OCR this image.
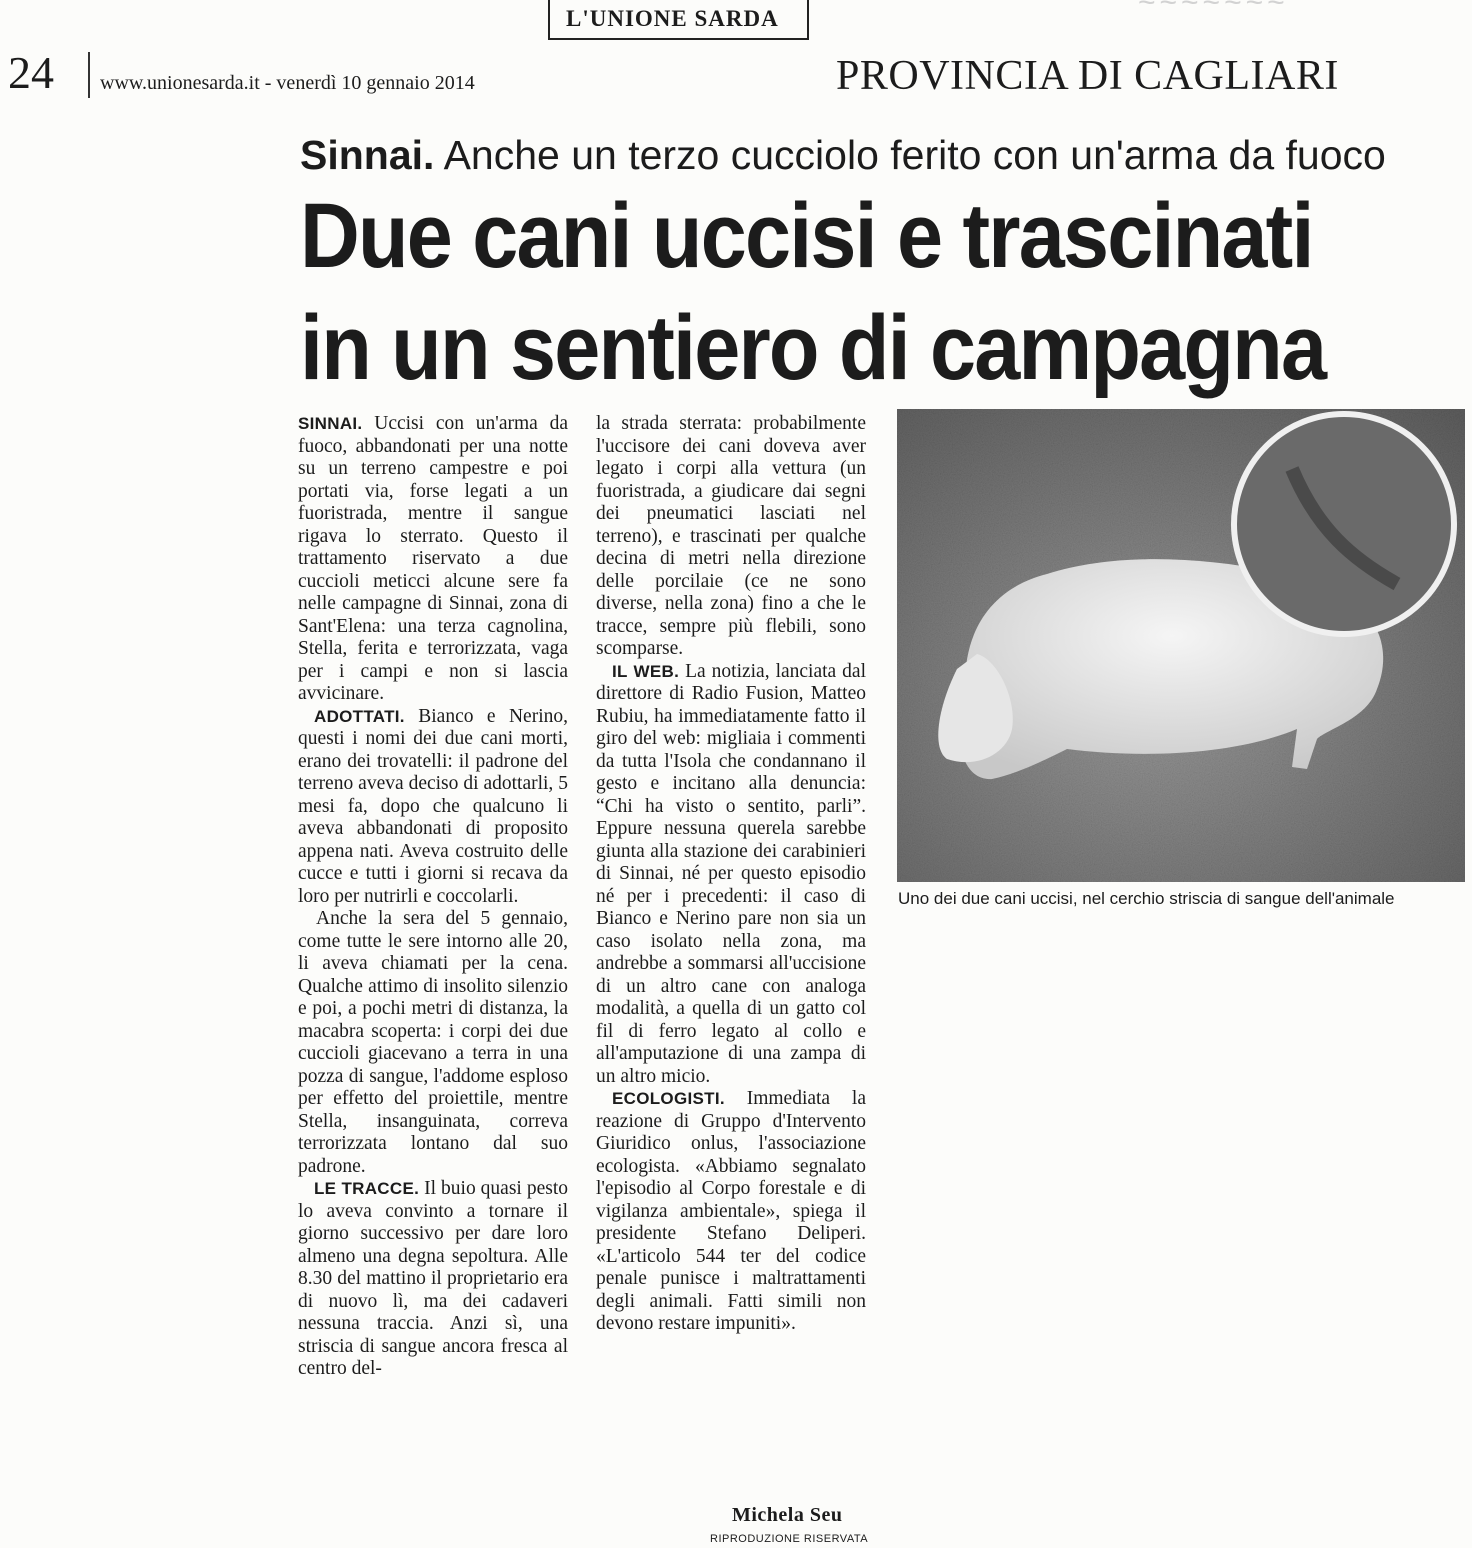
L'UNIONE SARDA	~~~~~~~
24 www.unionesarda.it - venerdì 10 gennaio 2014	PROVINCIA DI CAGLIARI
Sinnai. Anche un terzo cucciolo ferito con un'arma da fuoco
Due cani uccisi e trascinati
in un sentiero di campagna

SINNAI. Uccisi con un'arma da fuoco, abbandonati per una notte su un terreno campestre e poi portati via, forse legati a un fuoristrada, mentre il sangue rigava lo sterrato. Questo il trattamento riservato a due cuccioli meticci alcune sere fa nelle campagne di Sinnai, zona di Sant'Elena: una terza cagnolina, Stella, ferita e terrorizzata, vaga per i campi e non si lascia avvicinare.

ADOTTATI. Bianco e Nerino, questi i nomi dei due cani morti, erano dei trovatelli: il padrone del terreno aveva deciso di adottarli, 5 mesi fa, dopo che qualcuno li aveva abbandonati di proposito appena nati. Aveva costruito delle cucce e tutti i giorni si recava da loro per nutrirli e coccolarli.

Anche la sera del 5 gennaio, come tutte le sere intorno alle 20, li aveva chiamati per la cena. Qualche attimo di insolito silenzio e poi, a pochi metri di distanza, la macabra scoperta: i corpi dei due cuccioli giacevano a terra in una pozza di sangue, l'addome esploso per effetto del proiettile, mentre Stella, insanguinata, correva terrorizzata lontano dal suo padrone.

LE TRACCE. Il buio quasi pesto lo aveva convinto a tornare il giorno successivo per dare loro almeno una degna sepoltura. Alle 8.30 del mattino il proprietario era di nuovo lì, ma dei cadaveri nessuna traccia. Anzi sì, una striscia di sangue ancora fresca al centro del-

la strada sterrata: probabilmente l'uccisore dei cani doveva aver legato i corpi alla vettura (un fuoristrada, a giudicare dai segni dei pneumatici lasciati nel terreno), e trascinati per qualche decina di metri nella direzione delle porcilaie (ce ne sono diverse, nella zona) fino a che le tracce, sempre più flebili, sono scomparse.

IL WEB. La notizia, lanciata dal direttore di Radio Fusion, Matteo Rubiu, ha immediatamente fatto il giro del web: migliaia i commenti da tutta l'Isola che condannano il gesto e incitano alla denuncia: “Chi ha visto o sentito, parli”. Eppure nessuna querela sarebbe giunta alla stazione dei carabinieri di Sinnai, né per questo episodio né per i precedenti: il caso di Bianco e Nerino pare non sia un caso isolato nella zona, ma andrebbe a sommarsi all'uccisione di un altro cane con analoga modalità, a quella di un gatto col fil di ferro legato al collo e all'amputazione di una zampa di un altro micio.

ECOLOGISTI. Immediata la reazione di Gruppo d'Intervento Giuridico onlus, l'associazione ecologista. «Abbiamo segnalato l'episodio al Corpo forestale e di vigilanza ambientale», spiega il presidente Stefano Deliperi. «L'articolo 544 ter del codice penale punisce i maltrattamenti degli animali. Fatti simili non devono restare impuniti».

Uno dei due cani uccisi, nel cerchio striscia di sangue dell'animale
Michela Seu
RIPRODUZIONE RISERVATA
